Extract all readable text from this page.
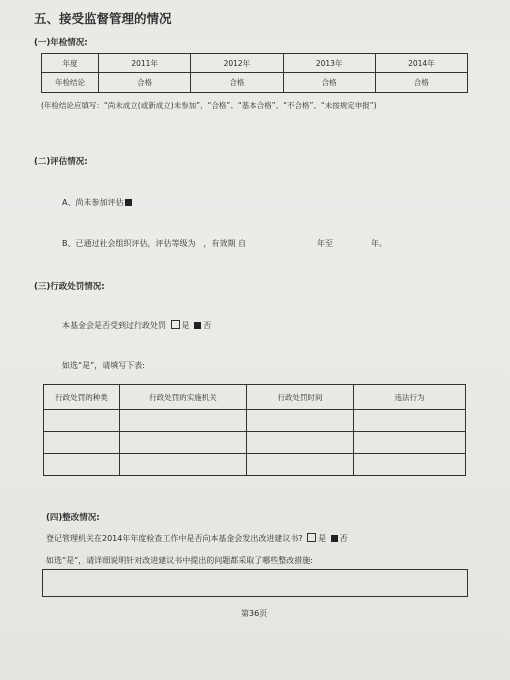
五、接受监督管理的情况
(一)年检情况:
年度	2011年	2012年	2013年	2014年
年检结论	合格	合格	合格	合格
(年检结论应填写：“尚未成立(或新成立)未参加”、“合格”、“基本合格”、“不合格”、“未按规定申报”)
(二)评估情况:
A、尚未参加评估
B、已通过社会组织评估，评估等级为 ，有效期 自	年至	年。
(三)行政处罚情况:
本基金会是否受到过行政处罚 是 否
如选“是”，请填写下表:
行政处罚的种类	行政处罚的实施机关	行政处罚时间	违法行为

(四)整改情况:
登记管理机关在2014年年度检查工作中是否向本基金会发出改进建议书? 是 否
如选“是”，请详细说明针对改进建议书中提出的问题都采取了哪些整改措施:
第36页
